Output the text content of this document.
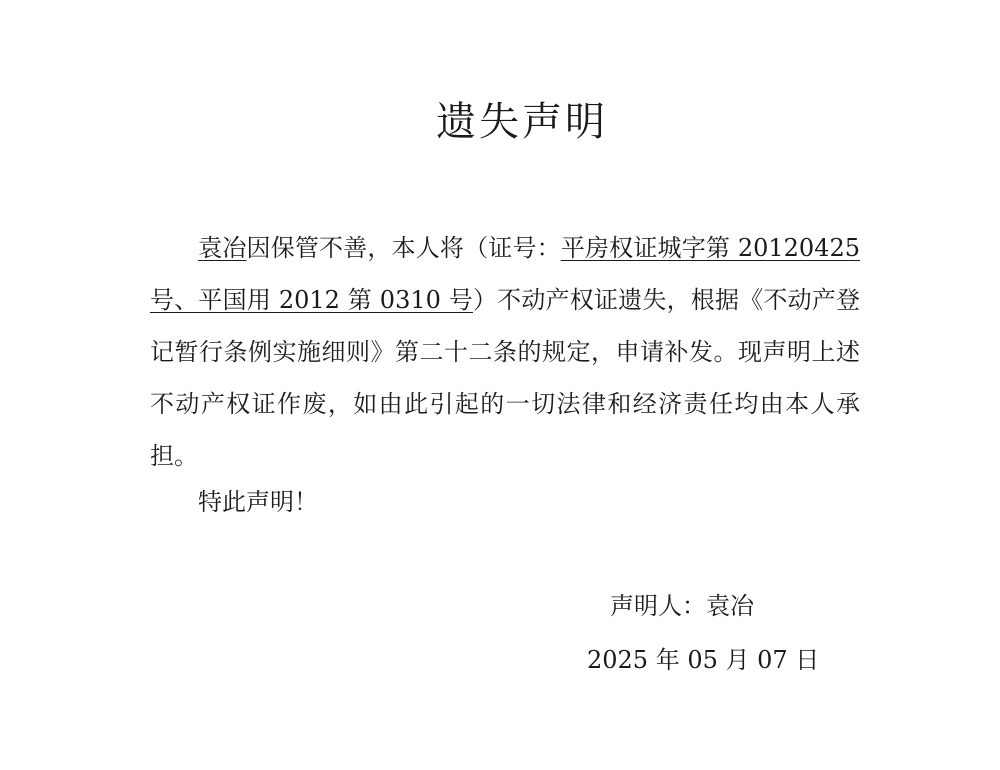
遗失声明

袁冶因保管不善，本人将（证号：平房权证城字第 20120425 号、平国用 2012 第 0310 号）不动产权证遗失，根据《不动产登记暂行条例实施细则》第二十二条的规定，申请补发。现声明上述不动产权证作废，如由此引起的一切法律和经济责任均由本人承担。

特此声明！

声明人：袁冶

2025 年 05 月 07 日
